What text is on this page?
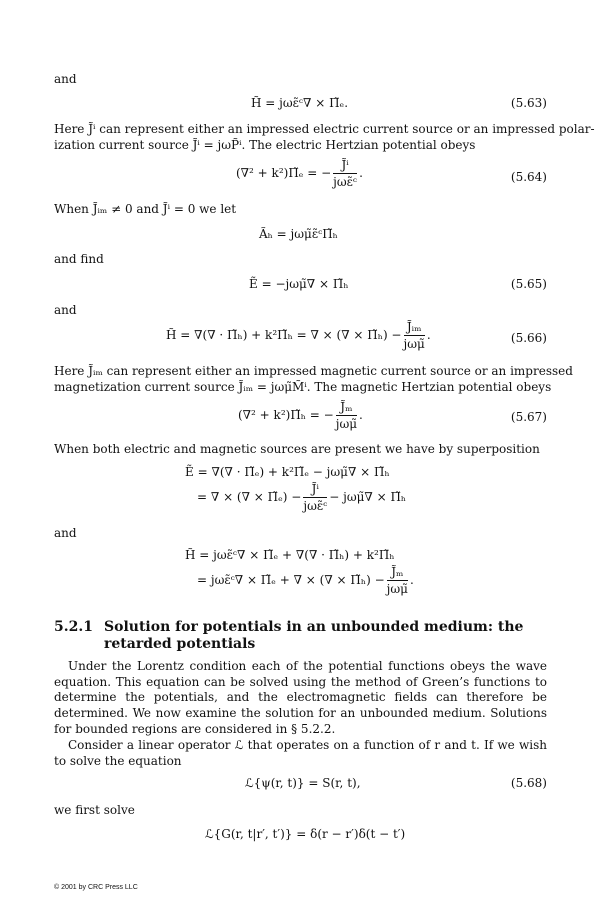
and
H̃ = jωε̃ᶜ∇ × Π̃ₑ.	(5.63)
Here J̃ⁱ can represent either an impressed electric current source or an impressed polar-
ization current source J̃ⁱ = jωP̃ⁱ. The electric Hertzian potential obeys
(∇² + k²)Π̃ₑ = − $\frac{\text{J̃ⁱ}}{\text{jωε̃ᶜ}}$ .	(5.64)
When J̃ᵢₘ ≠ 0 and J̃ⁱ = 0 we let
Ãₕ = jωμ̃ε̃ᶜΠ̃ₕ
and find
Ẽ = −jωμ̃∇ × Π̃ₕ	(5.65)
and
H̃ = ∇(∇ · Π̃ₕ) + k²Π̃ₕ = ∇ × (∇ × Π̃ₕ) − $\frac{\text{J̃ᵢₘ}}{\text{jωμ̃}}$ .	(5.66)
Here J̃ᵢₘ can represent either an impressed magnetic current source or an impressed
magnetization current source J̃ᵢₘ = jωμ̃M̃ⁱ. The magnetic Hertzian potential obeys
(∇² + k²)Π̃ₕ = − $\frac{\text{J̃ₘ}}{\text{jωμ̃}}$ .	(5.67)
When both electric and magnetic sources are present we have by superposition
Ẽ = ∇(∇ · Π̃ₑ) + k²Π̃ₑ − jωμ̃∇ × Π̃ₕ
= ∇ × (∇ × Π̃ₑ) − $\frac{\text{J̃ⁱ}}{\text{jωε̃ᶜ}}$ − jωμ̃∇ × Π̃ₕ
and
H̃ = jωε̃ᶜ∇ × Π̃ₑ + ∇(∇ · Π̃ₕ) + k²Π̃ₕ
= jωε̃ᶜ∇ × Π̃ₑ + ∇ × (∇ × Π̃ₕ) − $\frac{\text{J̃ₘ}}{\text{jωμ̃}}$ .
5.2.1 Solution for potentials in an unbounded medium: the retarded potentials
Under the Lorentz condition each of the potential functions obeys the wave equation. This equation can be solved using the method of Green’s functions to determine the potentials, and the electromagnetic fields can therefore be determined. We now examine the solution for an unbounded medium. Solutions for bounded regions are considered in § 5.2.2.
Consider a linear operator ℒ that operates on a function of r and t. If we wish to solve the equation
ℒ{ψ(r, t)} = S(r, t),	(5.68)
we first solve
ℒ{G(r, t|r′, t′)} = δ(r − r′)δ(t − t′)
© 2001 by CRC Press LLC
